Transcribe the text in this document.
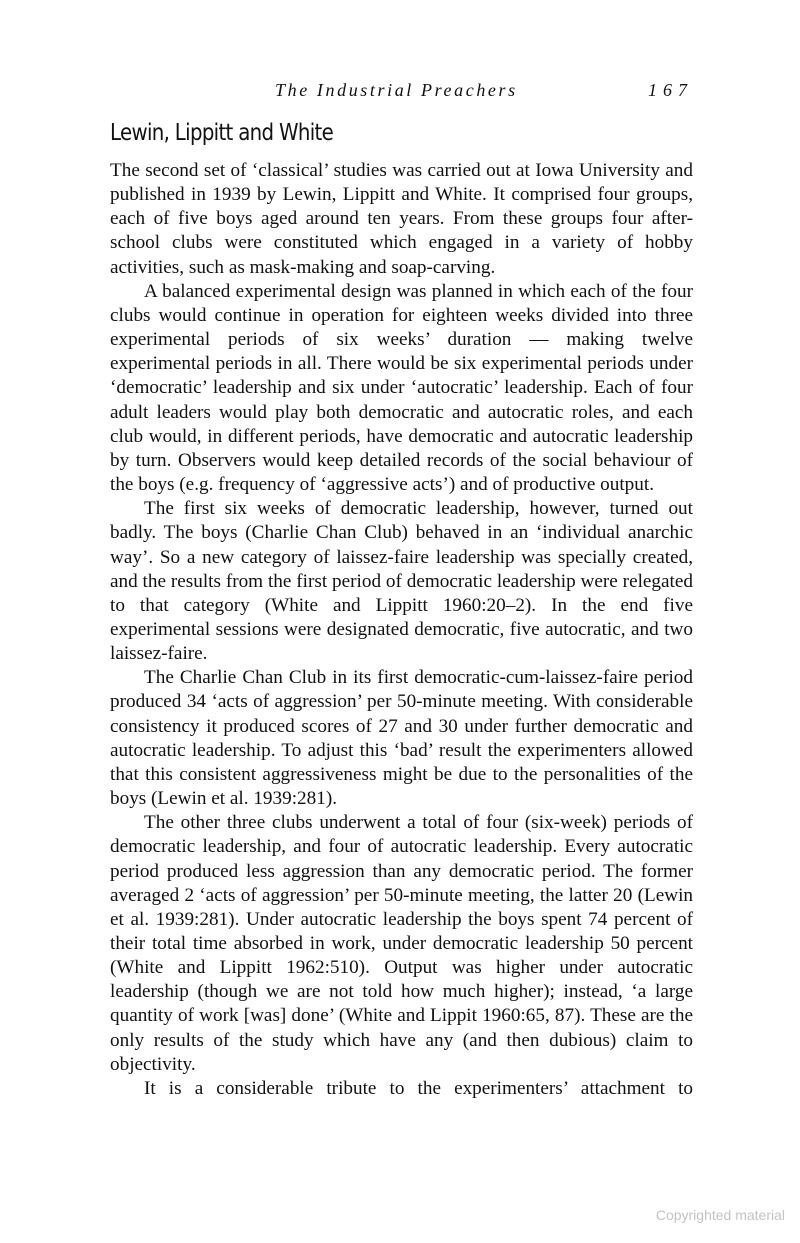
The Industrial Preachers	167
Lewin, Lippitt and White

The second set of ‘classical’ studies was carried out at Iowa University and published in 1939 by Lewin, Lippitt and White. It comprised four groups, each of five boys aged around ten years. From these groups four after-school clubs were constituted which engaged in a variety of hobby activities, such as mask-making and soap-carving.

A balanced experimental design was planned in which each of the four clubs would continue in operation for eighteen weeks divided into three experimental periods of six weeks’ duration — making twelve experimental periods in all. There would be six experimental periods under ‘democratic’ leadership and six under ‘autocratic’ leadership. Each of four adult leaders would play both democratic and autocratic roles, and each club would, in different periods, have democratic and autocratic leadership by turn. Observers would keep detailed records of the social behaviour of the boys (e.g. frequency of ‘aggressive acts’) and of productive output.

The first six weeks of democratic leadership, however, turned out badly. The boys (Charlie Chan Club) behaved in an ‘individual anarchic way’. So a new category of laissez-faire leadership was specially created, and the results from the first period of democratic leadership were relegated to that category (White and Lippitt 1960:20–2). In the end five experimental sessions were designated democratic, five autocratic, and two laissez-faire.

The Charlie Chan Club in its first democratic-cum-laissez-faire period produced 34 ‘acts of aggression’ per 50-minute meeting. With considerable consistency it produced scores of 27 and 30 under further democratic and autocratic leadership. To adjust this ‘bad’ result the experimenters allowed that this consistent aggressiveness might be due to the personalities of the boys (Lewin et al. 1939:281).

The other three clubs underwent a total of four (six-week) periods of democratic leadership, and four of autocratic leadership. Every autocratic period produced less aggression than any democratic period. The former averaged 2 ‘acts of aggression’ per 50-minute meeting, the latter 20 (Lewin et al. 1939:281). Under autocratic leadership the boys spent 74 percent of their total time absorbed in work, under democratic leadership 50 percent (White and Lippitt 1962:510). Output was higher under autocratic leadership (though we are not told how much higher); instead, ‘a large quantity of work [was] done’ (White and Lippit 1960:65, 87). These are the only results of the study which have any (and then dubious) claim to objectivity.

It is a considerable tribute to the experimenters’ attachment to

Copyrighted material
